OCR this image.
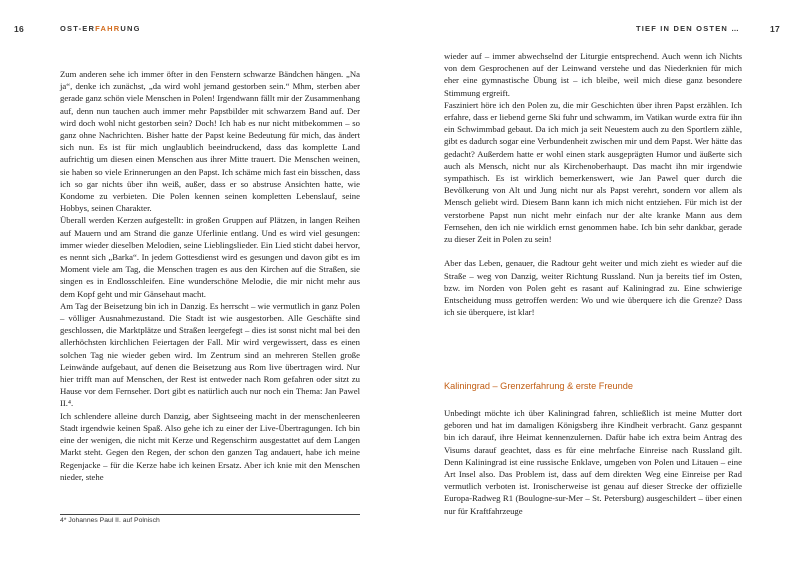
16	OST-ERFAHRUNG

Zum anderen sehe ich immer öfter in den Fenstern schwarze Bändchen hängen. „Na ja“, denke ich zunächst, „da wird wohl jemand gestorben sein.“ Mhm, sterben aber gerade ganz schön viele Menschen in Polen! Irgendwann fällt mir der Zusammenhang auf, denn nun tauchen auch immer mehr Papstbilder mit schwarzem Band auf. Der wird doch wohl nicht gestorben sein? Doch! Ich hab es nur nicht mitbekommen – so ganz ohne Nachrichten. Bisher hatte der Papst keine Bedeutung für mich, das ändert sich nun. Es ist für mich unglaublich beeindruckend, dass das komplette Land aufrichtig um diesen einen Menschen aus ihrer Mitte trauert. Die Menschen weinen, sie haben so viele Erinnerungen an den Papst. Ich schäme mich fast ein bisschen, dass ich so gar nichts über ihn weiß, außer, dass er so abstruse Ansichten hatte, wie Kondome zu verbieten. Die Polen kennen seinen kompletten Lebenslauf, seine Hobbys, seinen Charakter.

Überall werden Kerzen aufgestellt: in großen Gruppen auf Plätzen, in langen Reihen auf Mauern und am Strand die ganze Uferlinie entlang. Und es wird viel gesungen: immer wieder dieselben Melodien, seine Lieblingslieder. Ein Lied sticht dabei hervor, es nennt sich „Barka“. In jedem Gottesdienst wird es gesungen und davon gibt es im Moment viele am Tag, die Menschen tragen es aus den Kirchen auf die Straßen, sie singen es in Endlosschleifen. Eine wunderschöne Melodie, die mir nicht mehr aus dem Kopf geht und mir Gänsehaut macht.

Am Tag der Beisetzung bin ich in Danzig. Es herrscht – wie vermutlich in ganz Polen – völliger Ausnahmezustand. Die Stadt ist wie ausgestorben. Alle Geschäfte sind geschlossen, die Marktplätze und Straßen leergefegt – dies ist sonst nicht mal bei den allerhöchsten kirchlichen Feiertagen der Fall. Mir wird vergewissert, dass es einen solchen Tag nie wieder geben wird. Im Zentrum sind an mehreren Stellen große Leinwände aufgebaut, auf denen die Beisetzung aus Rom live übertragen wird. Nur hier trifft man auf Menschen, der Rest ist entweder nach Rom gefahren oder sitzt zu Hause vor dem Fernseher. Dort gibt es natürlich auch nur noch ein Thema: Jan Pawel II.⁴.

Ich schlendere alleine durch Danzig, aber Sightseeing macht in der menschenleeren Stadt irgendwie keinen Spaß. Also gehe ich zu einer der Live-Übertragungen. Ich bin eine der wenigen, die nicht mit Kerze und Regenschirm ausgestattet auf dem Langen Markt steht. Gegen den Regen, der schon den ganzen Tag andauert, habe ich meine Regenjacke – für die Kerze habe ich keinen Ersatz. Aber ich knie mit den Menschen nieder, stehe

4* Johannes Paul II. auf Polnisch
TIEF IN DEN OSTEN …	17

wieder auf – immer abwechselnd der Liturgie entsprechend. Auch wenn ich Nichts von dem Gesprochenen auf der Leinwand verstehe und das Niederknien für mich eher eine gymnastische Übung ist – ich bleibe, weil mich diese ganz besondere Stimmung ergreift.

Fasziniert höre ich den Polen zu, die mir Geschichten über ihren Papst erzählen. Ich erfahre, dass er liebend gerne Ski fuhr und schwamm, im Vatikan wurde extra für ihn ein Schwimmbad gebaut. Da ich mich ja seit Neuestem auch zu den Sportlern zähle, gibt es dadurch sogar eine Verbundenheit zwischen mir und dem Papst. Wer hätte das gedacht? Außerdem hatte er wohl einen stark ausgeprägten Humor und äußerte sich auch als Mensch, nicht nur als Kirchenoberhaupt. Das macht ihn mir irgendwie sympathisch. Es ist wirklich bemerkenswert, wie Jan Pawel quer durch die Bevölkerung von Alt und Jung nicht nur als Papst verehrt, sondern vor allem als Mensch geliebt wird. Diesem Bann kann ich mich nicht entziehen. Für mich ist der verstorbene Papst nun nicht mehr einfach nur der alte kranke Mann aus dem Fernsehen, den ich nie wirklich ernst genommen habe. Ich bin sehr dankbar, gerade zu dieser Zeit in Polen zu sein!

Aber das Leben, genauer, die Radtour geht weiter und mich zieht es wieder auf die Straße – weg von Danzig, weiter Richtung Russland. Nun ja bereits tief im Osten, bzw. im Norden von Polen geht es rasant auf Kaliningrad zu. Eine schwierige Entscheidung muss getroffen werden: Wo und wie überquere ich die Grenze? Dass ich sie überquere, ist klar!

Kaliningrad – Grenzerfahrung & erste Freunde

Unbedingt möchte ich über Kaliningrad fahren, schließlich ist meine Mutter dort geboren und hat im damaligen Königsberg ihre Kindheit verbracht. Ganz gespannt bin ich darauf, ihre Heimat kennenzulernen. Dafür habe ich extra beim Antrag des Visums darauf geachtet, dass es für eine mehrfache Einreise nach Russland gilt. Denn Kaliningrad ist eine russische Enklave, umgeben von Polen und Litauen – eine Art Insel also. Das Problem ist, dass auf dem direkten Weg eine Einreise per Rad vermutlich verboten ist. Ironischerweise ist genau auf dieser Strecke der offizielle Europa-Radweg R1 (Boulogne-sur-Mer – St. Petersburg) ausgeschildert – über einen nur für Kraftfahrzeuge
